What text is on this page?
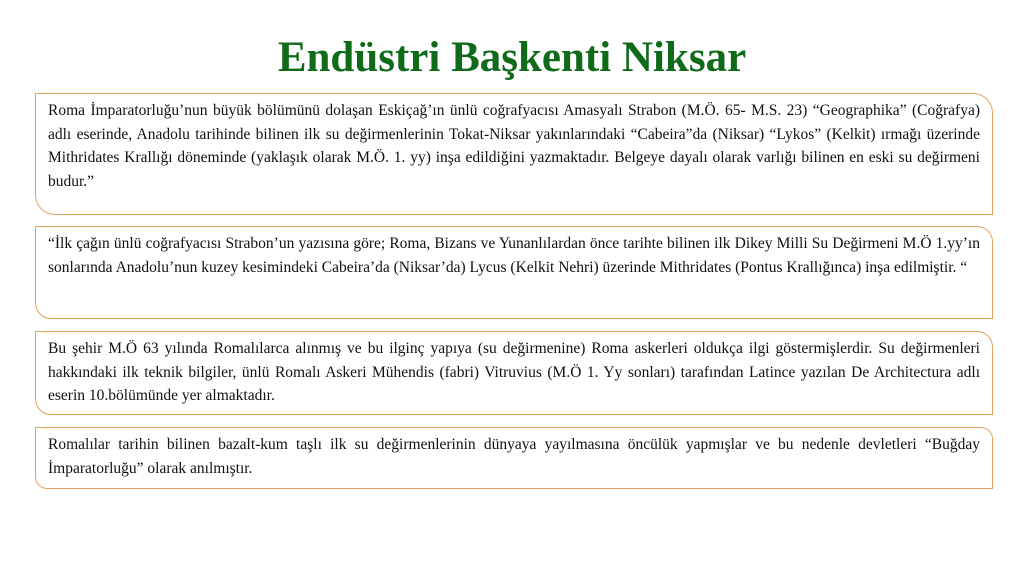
Endüstri Başkenti Niksar

Roma İmparatorluğu’nun büyük bölümünü dolaşan Eskiçağ’ın ünlü coğrafyacısı Amasyalı Strabon (M.Ö. 65- M.S. 23) “Geographika” (Coğrafya) adlı eserinde, Anadolu tarihinde bilinen ilk su değirmenlerinin Tokat-Niksar yakınlarındaki “Cabeira”da (Niksar) “Lykos” (Kelkit) ırmağı üzerinde Mithridates Krallığı döneminde (yaklaşık olarak M.Ö. 1. yy) inşa edildiğini yazmaktadır. Belgeye dayalı olarak varlığı bilinen en eski su değirmeni budur.”

“İlk çağın ünlü coğrafyacısı Strabon’un yazısına göre; Roma, Bizans ve Yunanlılardan önce tarihte bilinen ilk Dikey Milli Su Değirmeni M.Ö 1.yy’ın sonlarında Anadolu’nun kuzey kesimindeki Cabeira’da (Niksar’da) Lycus (Kelkit Nehri) üzerinde Mithridates (Pontus Krallığınca) inşa edilmiştir. “

Bu şehir M.Ö 63 yılında Romalılarca alınmış ve bu ilginç yapıya (su değirmenine) Roma askerleri oldukça ilgi göstermişlerdir. Su değirmenleri hakkındaki ilk teknik bilgiler, ünlü Romalı Askeri Mühendis (fabri) Vitruvius (M.Ö 1. Yy sonları) tarafından Latince yazılan De Architectura adlı eserin 10.bölümünde yer almaktadır.

Romalılar tarihin bilinen bazalt-kum taşlı ilk su değirmenlerinin dünyaya yayılmasına öncülük yapmışlar ve bu nedenle devletleri “Buğday İmparatorluğu” olarak anılmıştır.
